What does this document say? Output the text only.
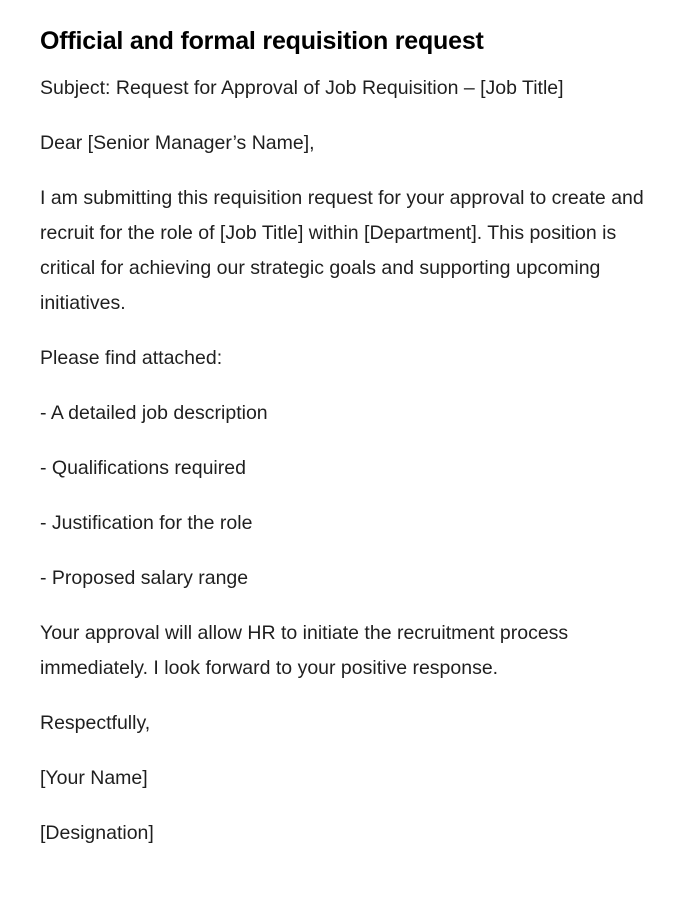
Official and formal requisition request

Subject: Request for Approval of Job Requisition – [Job Title]

Dear [Senior Manager’s Name],

I am submitting this requisition request for your approval to create and recruit for the role of [Job Title] within [Department]. This position is critical for achieving our strategic goals and supporting upcoming initiatives.

Please find attached:

- A detailed job description

- Qualifications required

- Justification for the role

- Proposed salary range

Your approval will allow HR to initiate the recruitment process immediately. I look forward to your positive response.

Respectfully,

[Your Name]

[Designation]
